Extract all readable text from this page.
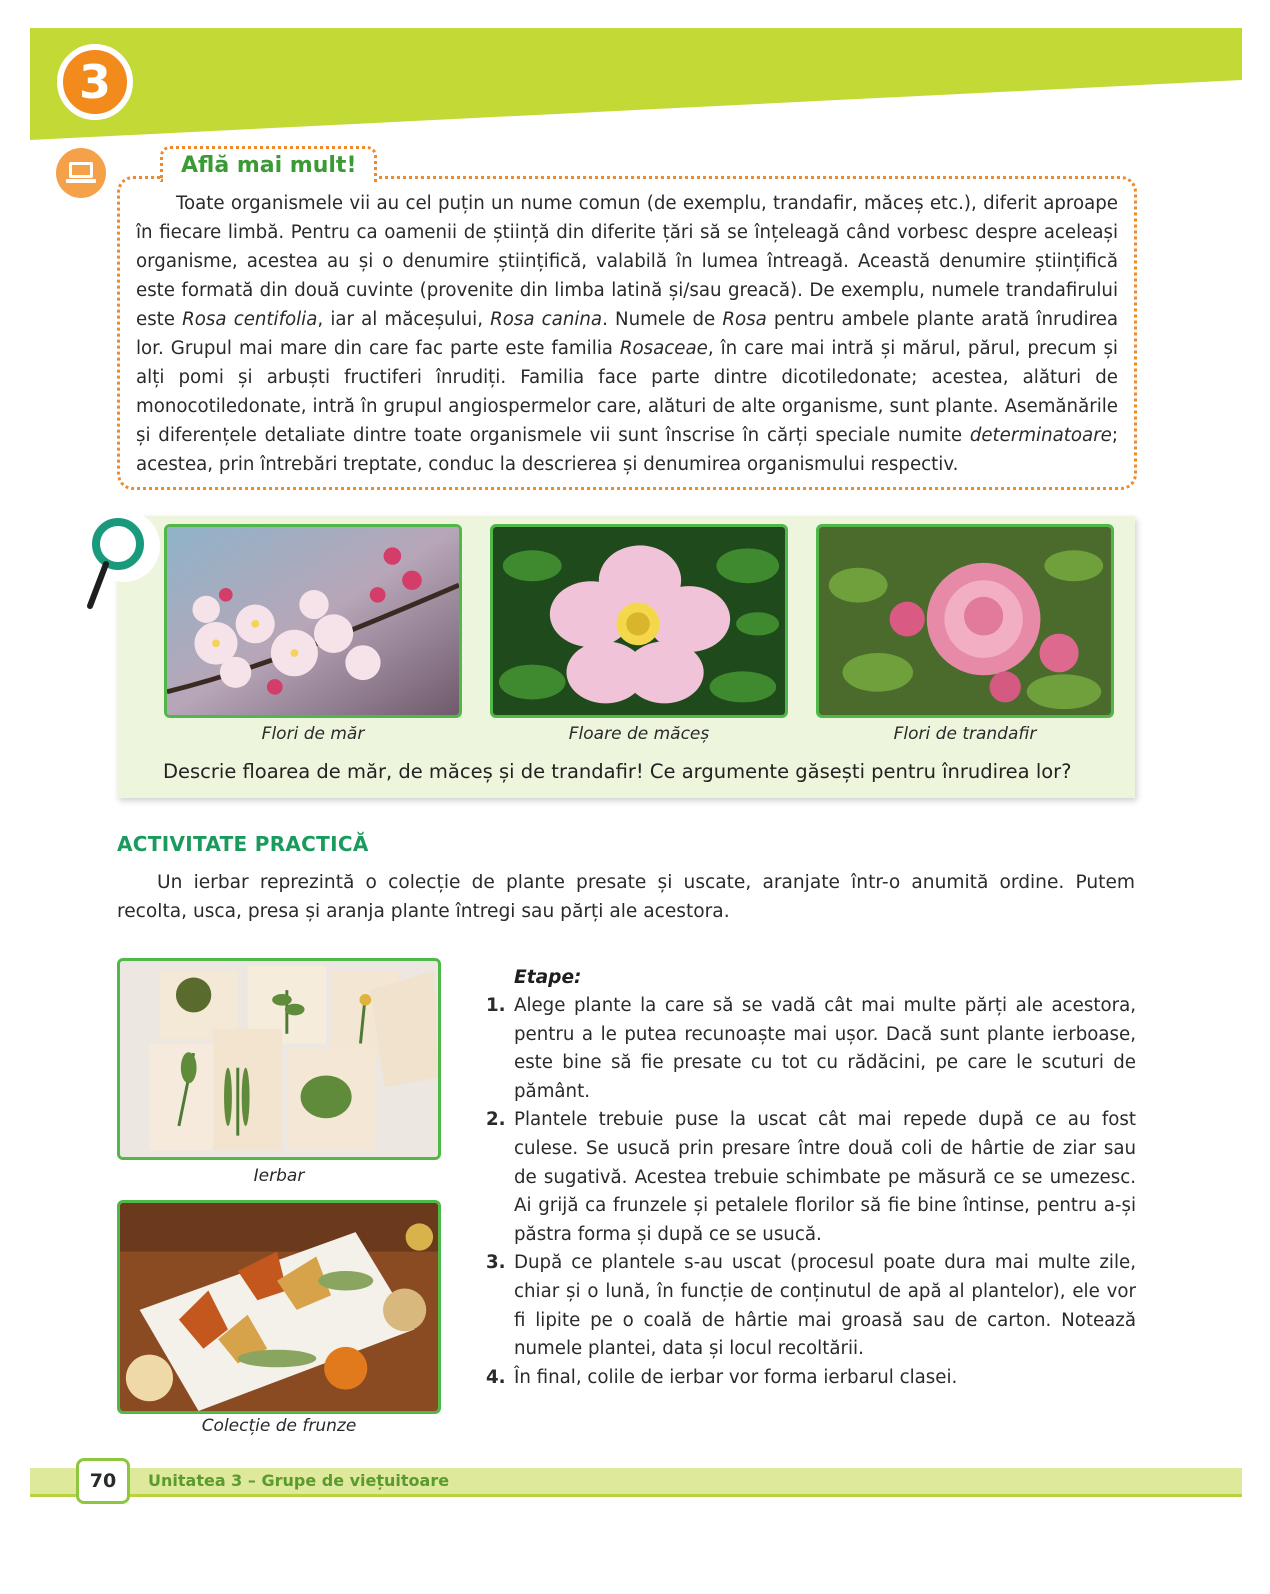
3

Toate organismele vii au cel puțin un nume comun (de exemplu, trandafir, măceș etc.), diferit aproape în fiecare limbă. Pentru ca oamenii de știință din diferite țări să se înțeleagă când vorbesc despre aceleași organisme, acestea au și o denumire științifică, valabilă în lumea întreagă. Această denumire științifică este formată din două cuvinte (provenite din limba latină și/sau greacă). De exemplu, numele trandafirului este Rosa centifolia, iar al măceșului, Rosa canina. Numele de Rosa pentru ambele plante arată înrudirea lor. Grupul mai mare din care fac parte este familia Rosaceae, în care mai intră și mărul, părul, precum și alți pomi și arbuști fructiferi înrudiți. Familia face parte dintre dicotiledonate; acestea, alături de monocotiledonate, intră în grupul angiospermelor care, alături de alte organisme, sunt plante. Asemănările și diferențele detaliate dintre toate organismele vii sunt înscrise în cărți speciale numite determinatoare; acestea, prin întrebări treptate, conduc la descrierea și denumirea organismului respectiv.

Află mai mult!
Flori de măr	Floare de măceș	Flori de trandafir
Descrie floarea de măr, de măceș și de trandafir! Ce argumente găsești pentru înrudirea lor?
ACTIVITATE PRACTICĂ

Un ierbar reprezintă o colecție de plante presate și uscate, aranjate într-o anumită ordine. Putem recolta, usca, presa și aranja plante întregi sau părți ale acestora.

Ierbar
Colecție de frunze
Etape:
1. Alege plante la care să se vadă cât mai multe părți ale acestora, pentru a le putea recunoaște mai ușor. Dacă sunt plante ierboase, este bine să fie presate cu tot cu rădăcini, pe care le scuturi de pământ.
2. Plantele trebuie puse la uscat cât mai repede după ce au fost culese. Se usucă prin presare între două coli de hârtie de ziar sau de sugativă. Acestea trebuie schimbate pe măsură ce se umezesc. Ai grijă ca frunzele și petalele florilor să fie bine întinse, pentru a-și păstra forma și după ce se usucă.
3. După ce plantele s-au uscat (procesul poate dura mai multe zile, chiar și o lună, în funcție de conținutul de apă al plantelor), ele vor fi lipite pe o coală de hârtie mai groasă sau de carton. Notează numele plantei, data și locul recoltării.
4. În final, colile de ierbar vor forma ierbarul clasei.
70 Unitatea 3 – Grupe de viețuitoare
